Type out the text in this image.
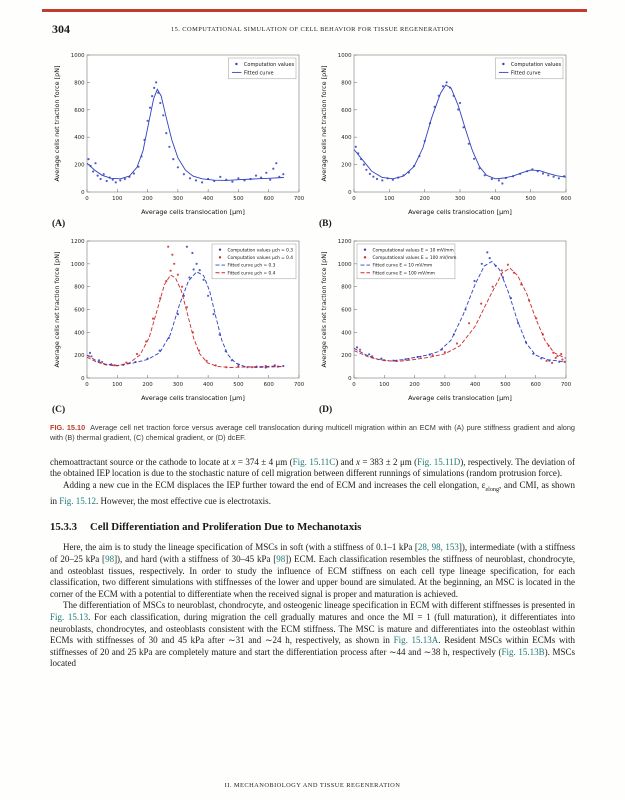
304	15. COMPUTATIONAL SIMULATION OF CELL BEHAVIOR FOR TISSUE REGENERATION
0	100	200	300	400	500	600	700
0
200
400
600
800
1000
Average cells translocation [μm]
Average cells net traction force [pN]
Computation values
Fitted curve
(A)
0	100	200	300	400	500	600
0
200
400
600
800
1000
Average cells translocation [μm]
Average cells net traction force [pN]
Computation values
Fitted curve
(B)
0	100	200	300	400	500	600	700
0
200
400
600
800
1000
1200
Average cells translocation [μm]
Average cells net traction force [pN]
Computation values μch = 0.3
Computation values μch = 0.4
Fitted curve μch = 0.3
Fitted curve μch = 0.4
(C)
0	100	200	300	400	500	600	700
0
200
400
600
800
1000
1200
Average cells translocation [μm]
Average cells net traction force [pN]
Computational values E = 10 mV/mm
Computational values E = 100 mV/mm
Fitted curve E = 10 mV/mm
Fitted curve E = 100 mV/mm
(D)

FIG. 15.10 Average cell net traction force versus average cell translocation during multicell migration within an ECM with (A) pure stiffness gradient and along with (B) thermal gradient, (C) chemical gradient, or (D) dcEF.

chemoattractant source or the cathode to locate at x = 374 ± 4 μm (Fig. 15.11C) and x = 383 ± 2 μm (Fig. 15.11D), respectively. The deviation of the obtained IEP location is due to the stochastic nature of cell migration between different runnings of simulations (random protrusion force).

Adding a new cue in the ECM displaces the IEP further toward the end of ECM and increases the cell elongation, $\varepsilon_{elong}$, and CMI, as shown in Fig. 15.12. However, the most effective cue is electrotaxis.

15.3.3 Cell Differentiation and Proliferation Due to Mechanotaxis

Here, the aim is to study the lineage specification of MSCs in soft (with a stiffness of 0.1–1 kPa [28, 98, 153]), intermediate (with a stiffness of 20–25 kPa [98]), and hard (with a stiffness of 30–45 kPa [98]) ECM. Each classification resembles the stiffness of neuroblast, chondrocyte, and osteoblast tissues, respectively. In order to study the influence of ECM stiffness on each cell type lineage specification, for each classification, two different simulations with stiffnesses of the lower and upper bound are simulated. At the beginning, an MSC is located in the corner of the ECM with a potential to differentiate when the received signal is proper and maturation is achieved.

The differentiation of MSCs to neuroblast, chondrocyte, and osteogenic lineage specification in ECM with different stiffnesses is presented in Fig. 15.13. For each classification, during migration the cell gradually matures and once the MI = 1 (full maturation), it differentiates into neuroblasts, chondrocytes, and osteoblasts consistent with the ECM stiffness. The MSC is mature and differentiates into the osteoblast within ECMs with stiffnesses of 30 and 45 kPa after ∼31 and ∼24 h, respectively, as shown in Fig. 15.13A. Resident MSCs within ECMs with stiffnesses of 20 and 25 kPa are completely mature and start the differentiation process after ∼44 and ∼38 h, respectively (Fig. 15.13B). MSCs located

II. MECHANOBIOLOGY AND TISSUE REGENERATION
